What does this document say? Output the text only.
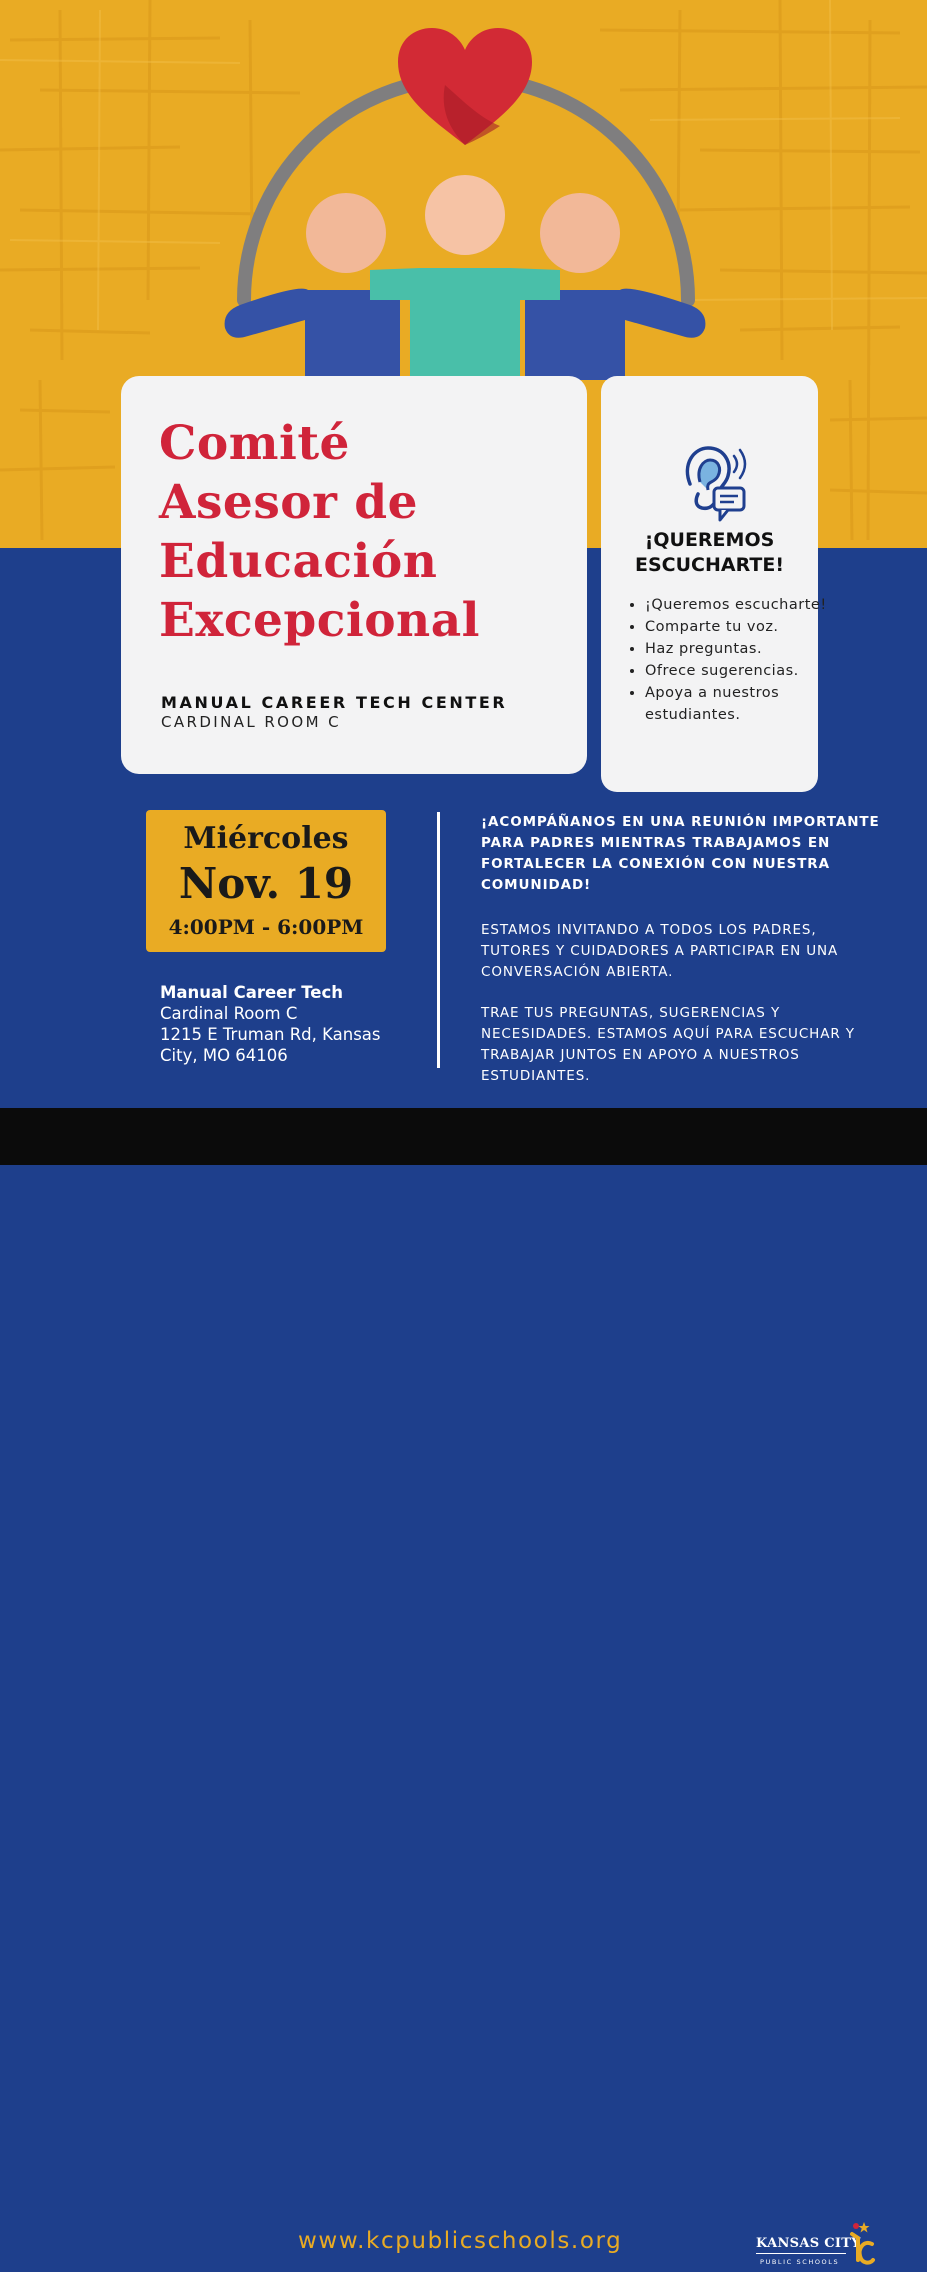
Comité
Asesor de
Educación
Excepcional
MANUAL CAREER TECH CENTER
CARDINAL ROOM C
¡QUEREMOS
ESCUCHARTE!
• ¡Queremos escucharte!
• Comparte tu voz.
• Haz preguntas.
• Ofrece sugerencias.
• Apoya a nuestros estudiantes.
Miércoles
Nov. 19
4:00PM - 6:00PM
Manual Career Tech
Cardinal Room C
1215 E Truman Rd, Kansas
City, MO 64106

¡ACOMPÁÑANOS EN UNA REUNIÓN IMPORTANTE PARA PADRES MIENTRAS TRABAJAMOS EN FORTALECER LA CONEXIÓN CON NUESTRA COMUNIDAD!

ESTAMOS INVITANDO A TODOS LOS PADRES, TUTORES Y CUIDADORES A PARTICIPAR EN UNA CONVERSACIÓN ABIERTA.

TRAE TUS PREGUNTAS, SUGERENCIAS Y NECESIDADES. ESTAMOS AQUÍ PARA ESCUCHAR Y TRABAJAR JUNTOS EN APOYO A NUESTROS ESTUDIANTES.

www.kcpublicschools.org	KANSAS CITY
PUBLIC SCHOOLS
